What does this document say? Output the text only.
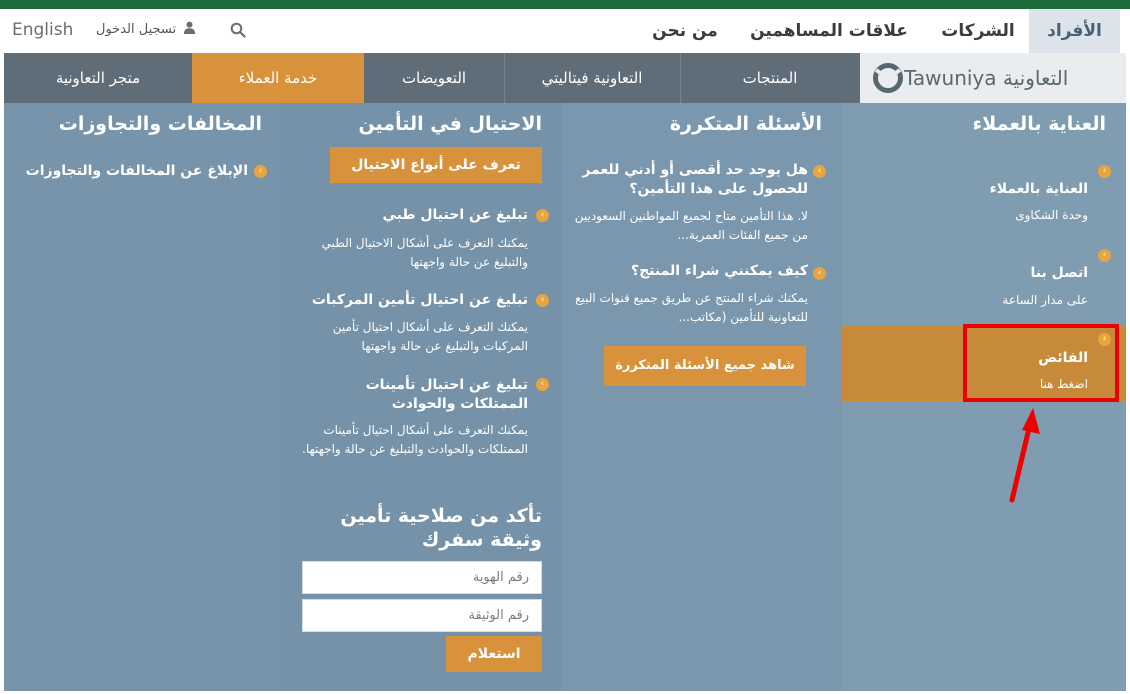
الأفراد
الشركات
علاقات المساهمين
من نحن
تسجيل الدخول
English
Tawuniya التعاونية
المنتجات
التعاونية فيتاليتي
التعويضات
خدمة العملاء
متجر التعاونية
العناية بالعملاء
‹
العناية بالعملاء
وحدة الشكاوى
‹
اتصل بنا
على مدار الساعة
الأسئلة المتكررة
‹
هل يوجد حد أقصى أو أدني للعمر للحصول على هذا التأمين؟
لا. هذا التأمين متاح لجميع المواطنين السعوديين من جميع الفئات العمرية...
‹
كيف يمكنني شراء المنتج؟
يمكنك شراء المنتج عن طريق جميع قنوات البيع للتعاونية للتأمين (مكاتب...
شاهد جميع الأسئلة المتكررة
الاحتيال في التأمين
تعرف على أنواع الاحتيال
‹
تبليغ عن احتيال طبي
يمكنك التعرف على أشكال الاحتيال الطبي والتبليغ عن حالة واجهتها
‹
تبليغ عن احتيال تأمين المركبات
يمكنك التعرف على أشكال احتيال تأمين المركبات والتبليغ عن حالة واجهتها
‹
تبليغ عن احتيال تأمينات الممتلكات والحوادث
يمكنك التعرف على أشكال احتيال تأمينات الممتلكات والحوادث والتبليغ عن حالة واجهتها.
تأكد من صلاحية تأمين وثيقة سفرك
رقم الهوية
رقم الوثيقة
استعلام
المخالفات والتجاوزات
‹
الإبلاغ عن المخالفات والتجاوزات
‹
الفائض
اضغط هنا
